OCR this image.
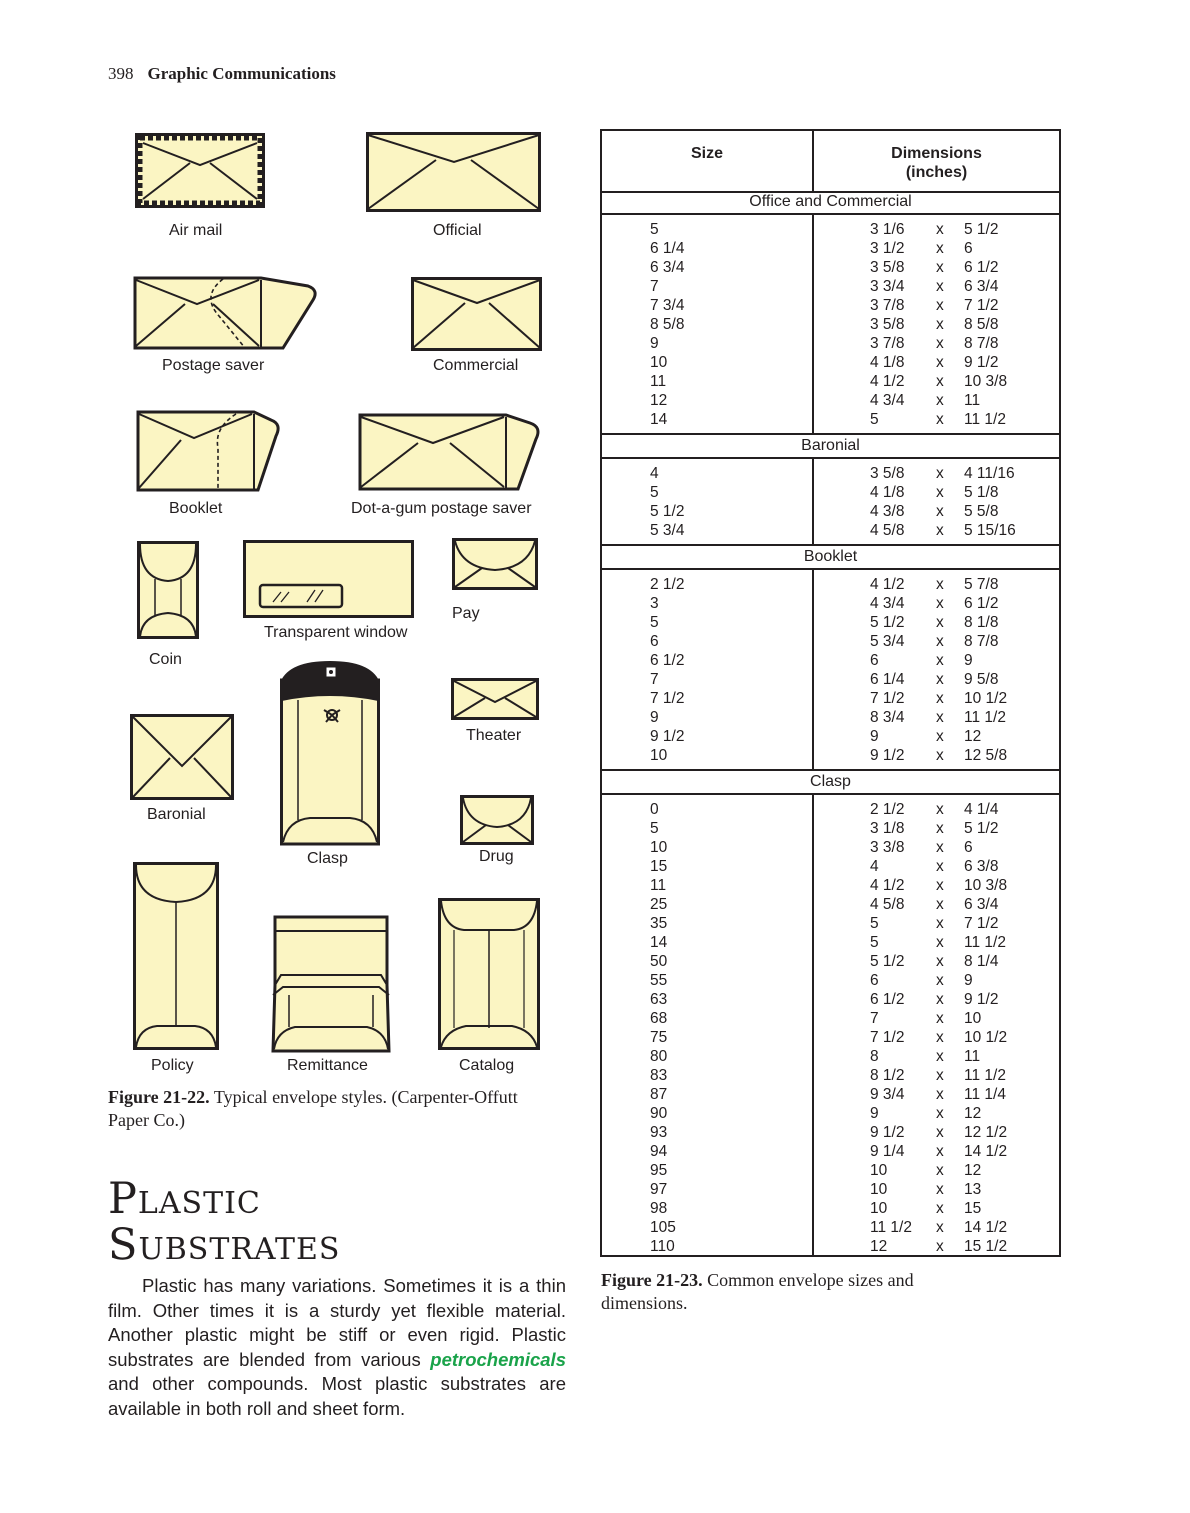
398 Graphic Communications
Air mail	Official
Postage saver	Commercial
Booklet	Dot-a-gum postage saver
Coin
Transparent window
Pay
Clasp
Theater
Baronial
Drug
Policy	Remittance	Catalog
Figure 21-22. Typical envelope styles. (Carpenter-Offutt Paper Co.)
Plastic
Substrates
Plastic has many variations. Sometimes it is a thin film. Other times it is a sturdy yet flexible material. Another plastic might be stiff or even rigid. Plastic substrates are blended from various petrochemicals and other compounds. Most plastic substrates are available in both roll and sheet form.
Size	Dimensions
(inches)
Office and Commercial
5	3 1/6 x 5 1/2
6 1/4	3 1/2 x 6
6 3/4	3 5/8 x 6 1/2
7	3 3/4 x 6 3/4
7 3/4	3 7/8 x 7 1/2
8 5/8	3 5/8 x 8 5/8
9	3 7/8 x 8 7/8
10	4 1/8 x 9 1/2
11	4 1/2 x 10 3/8
12	4 3/4 x 11
14	5	x 11 1/2
Baronial
4	3 5/8 x 4 11/16
5	4 1/8 x 5 1/8
5 1/2	4 3/8 x 5 5/8
5 3/4	4 5/8 x 5 15/16
Booklet
2 1/2	4 1/2 x 5 7/8
3	4 3/4 x 6 1/2
5	5 1/2 x 8 1/8
6	5 3/4 x 8 7/8
6 1/2	6	x 9
7	6 1/4 x 9 5/8
7 1/2	7 1/2 x 10 1/2
9	8 3/4 x 11 1/2
9 1/2	9	x 12
10	9 1/2 x 12 5/8
Clasp
0	2 1/2 x 4 1/4
5	3 1/8 x 5 1/2
10	3 3/8 x 6
15	4	x 6 3/8
11	4 1/2 x 10 3/8
25	4 5/8 x 6 3/4
35	5	x 7 1/2
14	5	x 11 1/2
50	5 1/2 x 8 1/4
55	6	x 9
63	6 1/2 x 9 1/2
68	7	x 10
75	7 1/2 x 10 1/2
80	8	x 11
83	8 1/2 x 11 1/2
87	9 3/4 x 11 1/4
90	9	x 12
93	9 1/2 x 12 1/2
94	9 1/4 x 14 1/2
95	10	x 12
97	10	x 13
98	10	x 15
105	11 1/2 x 14 1/2
110	12	x 15 1/2
Figure 21-23. Common envelope sizes and dimensions.
